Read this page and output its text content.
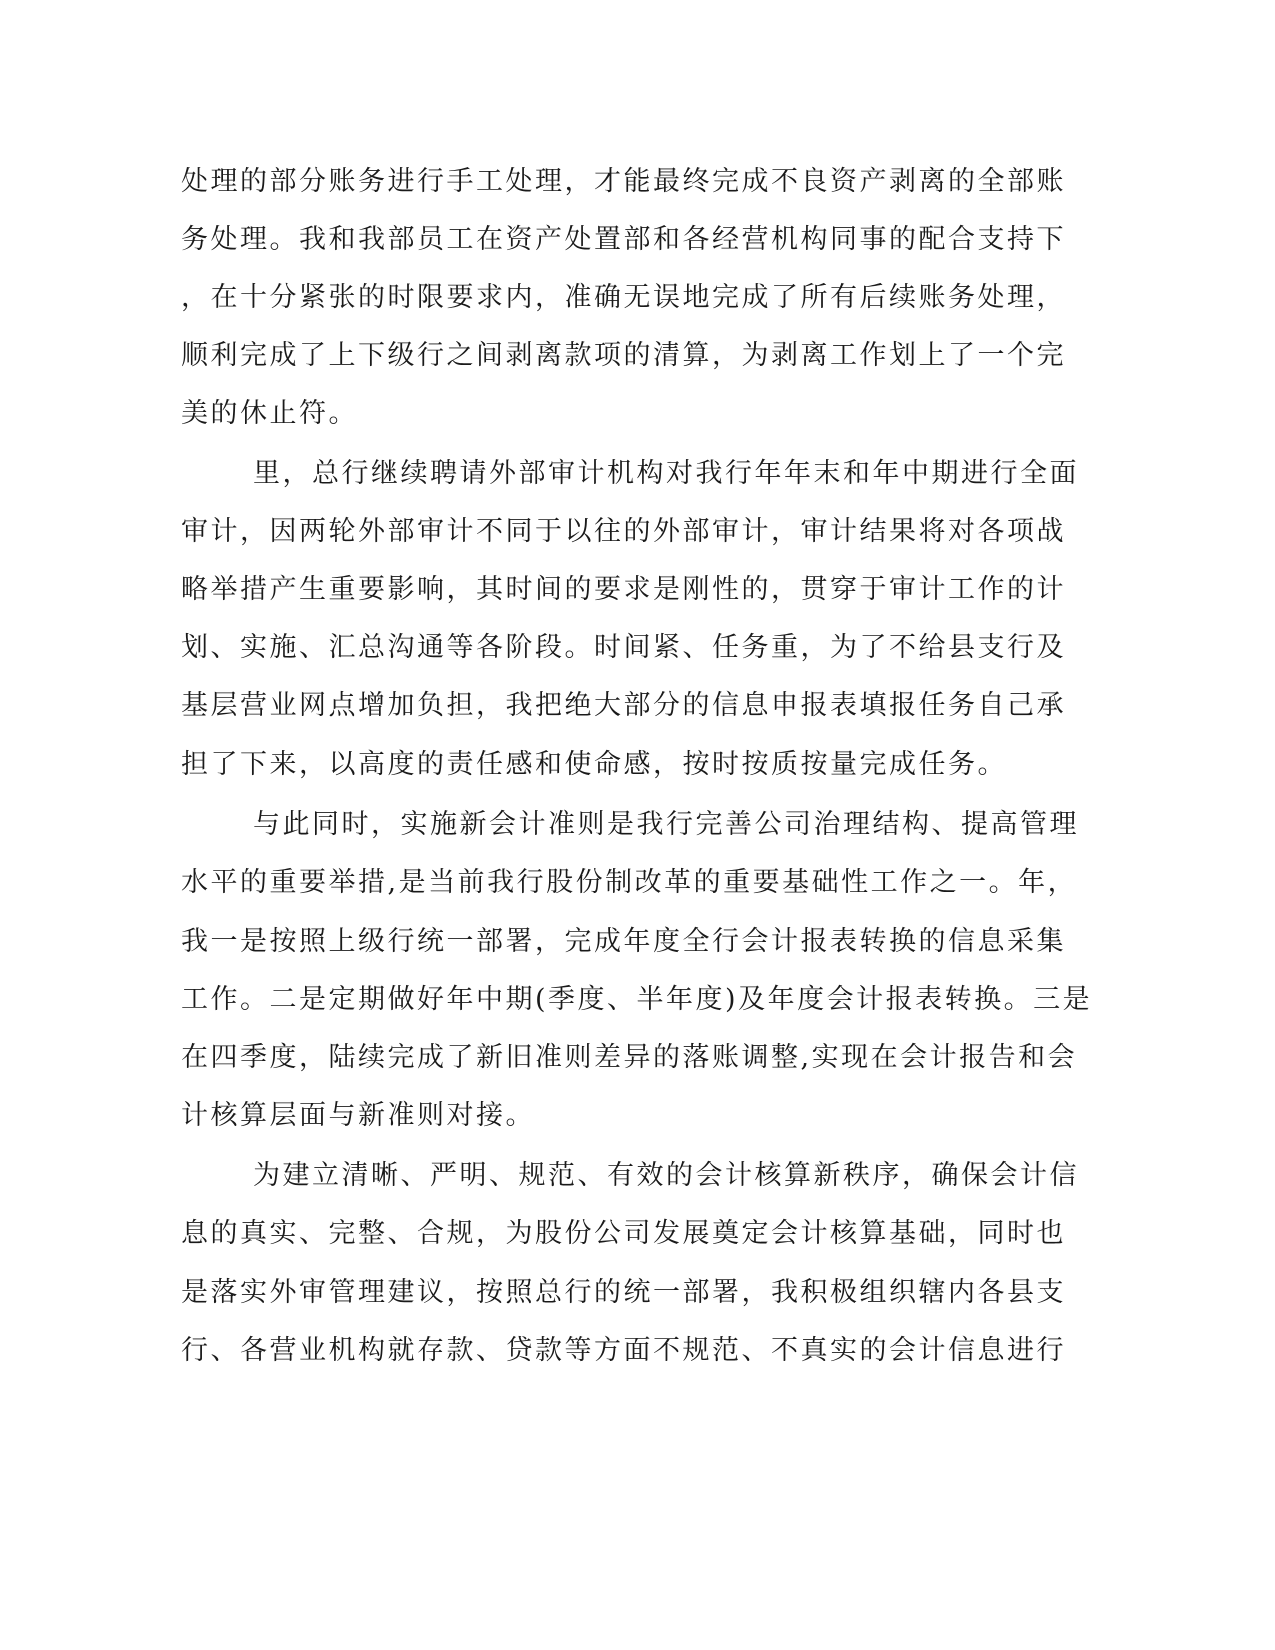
处理的部分账务进行手工处理，才能最终完成不良资产剥离的全部账
务处理。我和我部员工在资产处置部和各经营机构同事的配合支持下
，在十分紧张的时限要求内，准确无误地完成了所有后续账务处理，
顺利完成了上下级行之间剥离款项的清算，为剥离工作划上了一个完
美的休止符。
里，总行继续聘请外部审计机构对我行年年末和年中期进行全面
审计，因两轮外部审计不同于以往的外部审计，审计结果将对各项战
略举措产生重要影响，其时间的要求是刚性的，贯穿于审计工作的计
划、实施、汇总沟通等各阶段。时间紧、任务重，为了不给县支行及
基层营业网点增加负担，我把绝大部分的信息申报表填报任务自己承
担了下来，以高度的责任感和使命感，按时按质按量完成任务。
与此同时，实施新会计准则是我行完善公司治理结构、提高管理
水平的重要举措,是当前我行股份制改革的重要基础性工作之一。年，
我一是按照上级行统一部署，完成年度全行会计报表转换的信息采集
工作。二是定期做好年中期(季度、半年度)及年度会计报表转换。三是
在四季度，陆续完成了新旧准则差异的落账调整,实现在会计报告和会
计核算层面与新准则对接。
为建立清晰、严明、规范、有效的会计核算新秩序，确保会计信
息的真实、完整、合规，为股份公司发展奠定会计核算基础，同时也
是落实外审管理建议，按照总行的统一部署，我积极组织辖内各县支
行、各营业机构就存款、贷款等方面不规范、不真实的会计信息进行
